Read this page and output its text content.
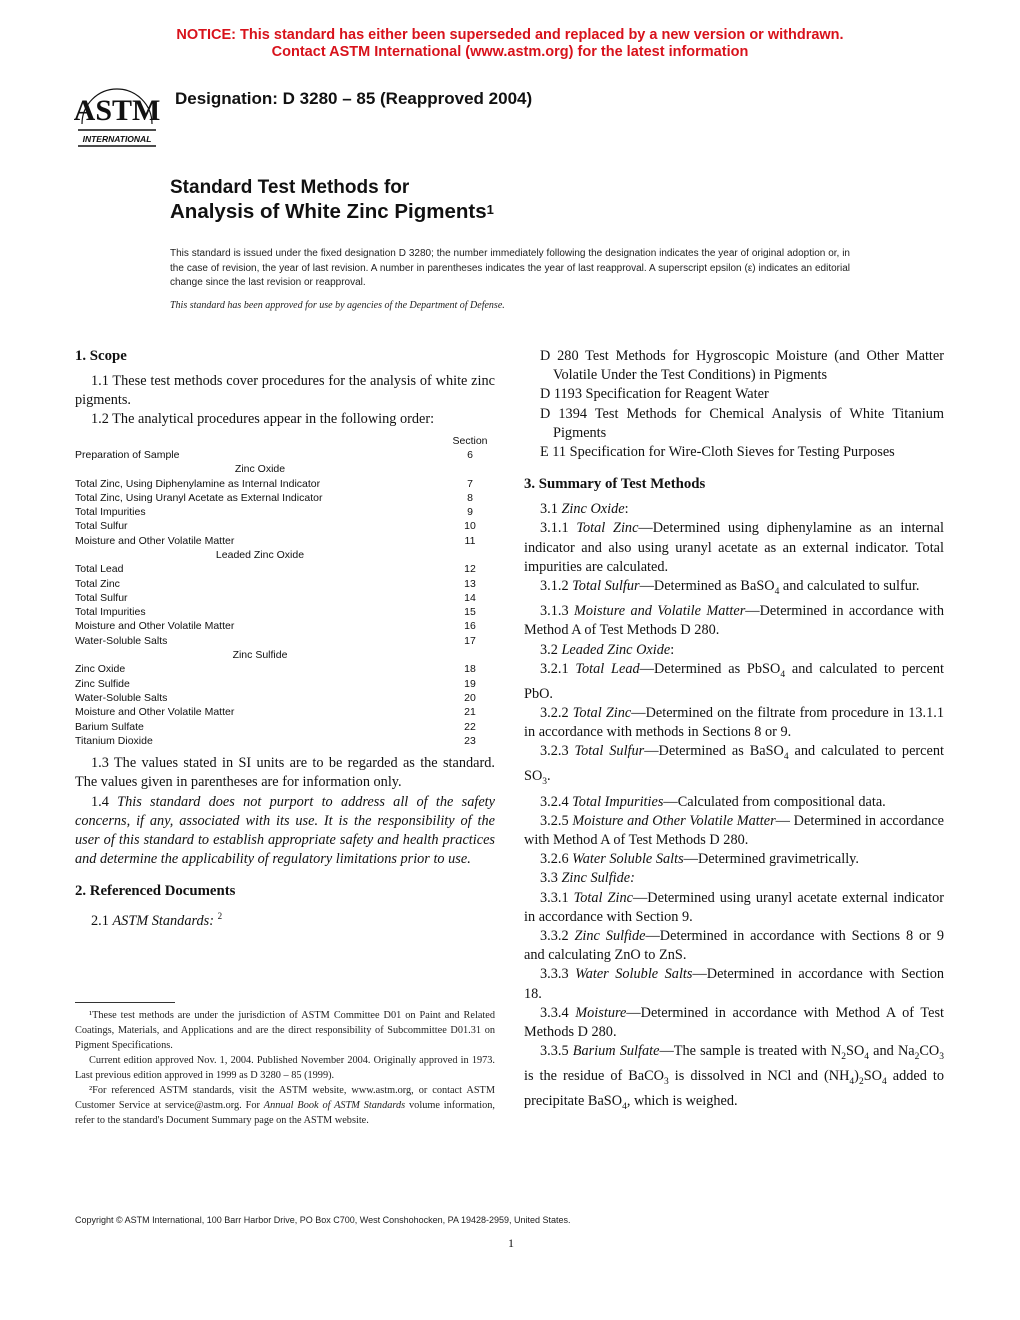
NOTICE: This standard has either been superseded and replaced by a new version or withdrawn.
Contact ASTM International (www.astm.org) for the latest information
ASTM
INTERNATIONAL
Designation: D 3280 – 85 (Reapproved 2004)
Standard Test Methods for
Analysis of White Zinc Pigments$^1$
This standard is issued under the fixed designation D 3280; the number immediately following the designation indicates the year of original adoption or, in the case of revision, the year of last revision. A number in parentheses indicates the year of last reapproval. A superscript epsilon (ε) indicates an editorial change since the last revision or reapproval.
This standard has been approved for use by agencies of the Department of Defense.
1. Scope

1.1 These test methods cover procedures for the analysis of white zinc pigments.

1.2 The analytical procedures appear in the following order:

Section
Preparation of Sample	6
Zinc Oxide
Total Zinc, Using Diphenylamine as Internal Indicator	7
Total Zinc, Using Uranyl Acetate as External Indicator	8
Total Impurities	9
Total Sulfur	10
Moisture and Other Volatile Matter	11
Leaded Zinc Oxide
Total Lead	12
Total Zinc	13
Total Sulfur	14
Total Impurities	15
Moisture and Other Volatile Matter	16
Water-Soluble Salts	17
Zinc Sulfide
Zinc Oxide	18
Zinc Sulfide	19
Water-Soluble Salts	20
Moisture and Other Volatile Matter	21
Barium Sulfate	22
Titanium Dioxide	23

1.3 The values stated in SI units are to be regarded as the standard. The values given in parentheses are for information only.

1.4 This standard does not purport to address all of the safety concerns, if any, associated with its use. It is the responsibility of the user of this standard to establish appropriate safety and health practices and determine the applicability of regulatory limitations prior to use.

2. Referenced Documents

2.1 ASTM Standards: $^2$

¹These test methods are under the jurisdiction of ASTM Committee D01 on Paint and Related Coatings, Materials, and Applications and are the direct responsibility of Subcommittee D01.31 on Pigment Specifications.

Current edition approved Nov. 1, 2004. Published November 2004. Originally approved in 1973. Last previous edition approved in 1999 as D 3280 – 85 (1999).

²For referenced ASTM standards, visit the ASTM website, www.astm.org, or contact ASTM Customer Service at service@astm.org. For Annual Book of ASTM Standards volume information, refer to the standard's Document Summary page on the ASTM website.

D 280 Test Methods for Hygroscopic Moisture (and Other Matter Volatile Under the Test Conditions) in Pigments

D 1193 Specification for Reagent Water

D 1394 Test Methods for Chemical Analysis of White Titanium Pigments

E 11 Specification for Wire-Cloth Sieves for Testing Purposes

3. Summary of Test Methods

3.1 Zinc Oxide:

3.1.1 Total Zinc—Determined using diphenylamine as an internal indicator and also using uranyl acetate as an external indicator. Total impurities are calculated.

3.1.2 Total Sulfur—Determined as BaSO$_4$ and calculated to sulfur.

3.1.3 Moisture and Volatile Matter—Determined in accordance with Method A of Test Methods D 280.

3.2 Leaded Zinc Oxide:

3.2.1 Total Lead—Determined as PbSO$_4$ and calculated to percent PbO.

3.2.2 Total Zinc—Determined on the filtrate from procedure in 13.1.1 in accordance with methods in Sections 8 or 9.

3.2.3 Total Sulfur—Determined as BaSO$_4$ and calculated to percent $SO_3$.

3.2.4 Total Impurities—Calculated from compositional data.

3.2.5 Moisture and Other Volatile Matter— Determined in accordance with Method A of Test Methods D 280.

3.2.6 Water Soluble Salts—Determined gravimetrically.

3.3 Zinc Sulfide:

3.3.1 Total Zinc—Determined using uranyl acetate external indicator in accordance with Section 9.

3.3.2 Zinc Sulfide—Determined in accordance with Sections 8 or 9 and calculating ZnO to ZnS.

3.3.3 Water Soluble Salts—Determined in accordance with Section 18.

3.3.4 Moisture—Determined in accordance with Method A of Test Methods D 280.

3.3.5 Barium Sulfate—The sample is treated with $N_2SO_4$ and $Na_2CO_3$ is the residue of BaCO$_3$ is dissolved in NCl and $(NH_4)_2SO_4$ added to precipitate BaSO$_4$, which is weighed.

Copyright © ASTM International, 100 Barr Harbor Drive, PO Box C700, West Conshohocken, PA 19428-2959, United States.
1
